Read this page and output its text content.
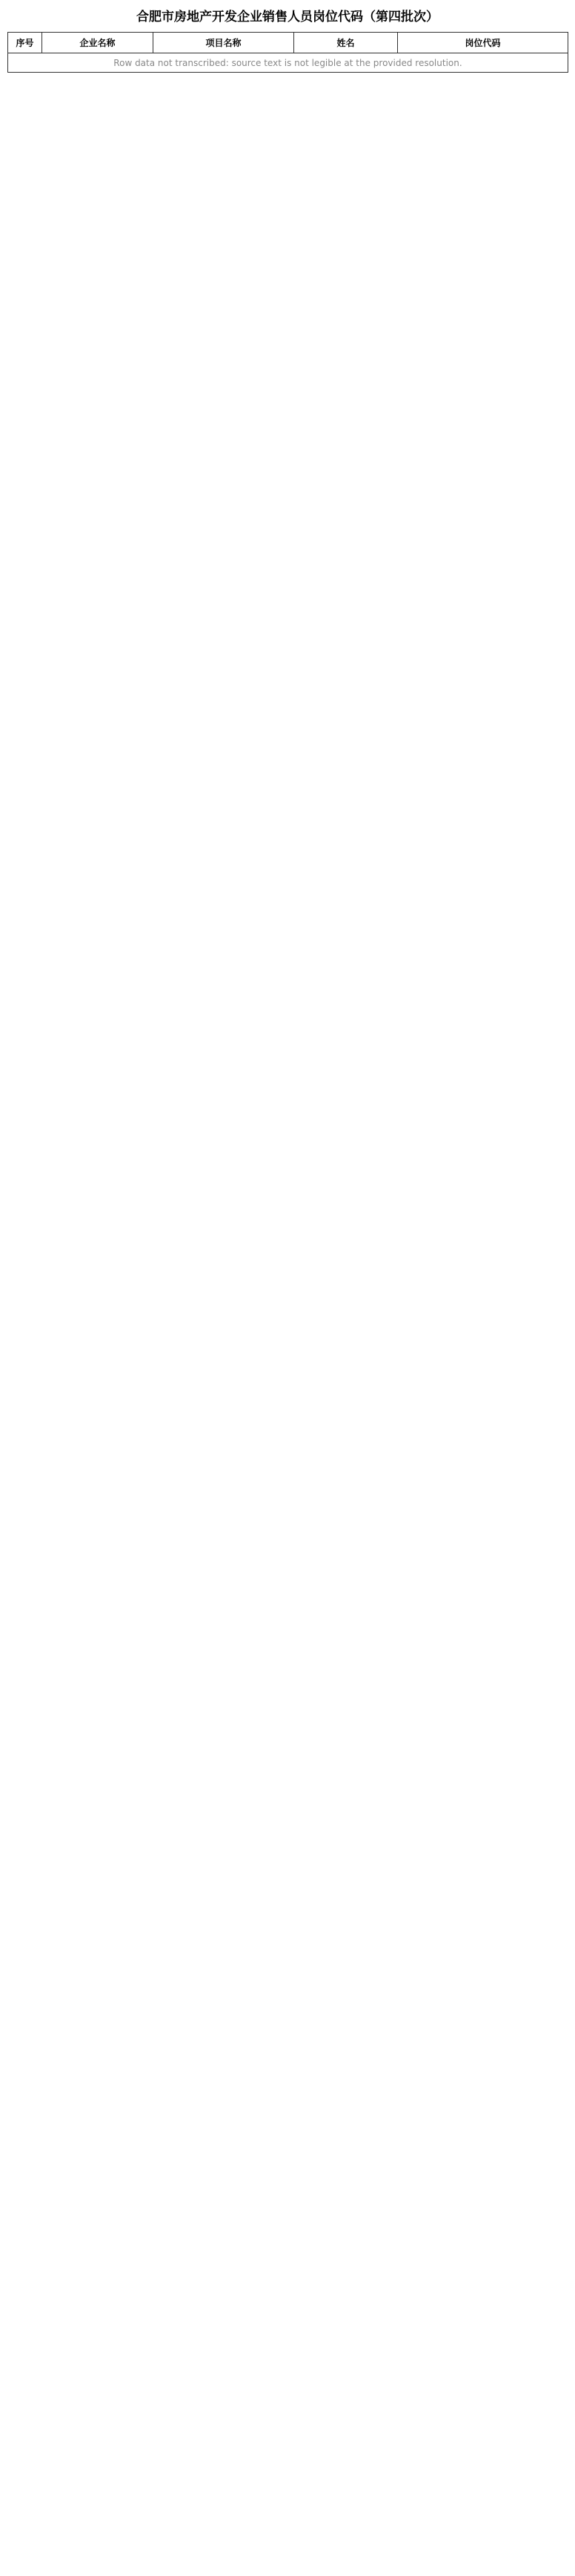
合肥市房地产开发企业销售人员岗位代码（第四批次）
序号	企业名称	项目名称	姓名	岗位代码
Row data not transcribed: source text is not legible at the provided resolution.
